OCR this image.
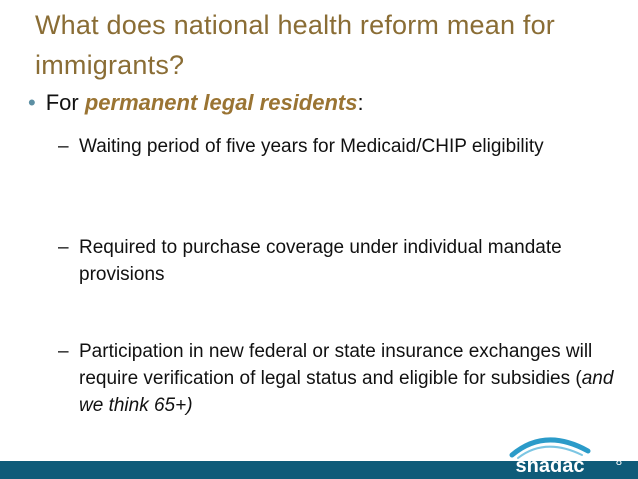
What does national health reform mean for immigrants?
• For permanent legal residents:
– Waiting period of five years for Medicaid/CHIP eligibility
– Required to purchase coverage under individual mandate provisions
– Participation in new federal or state insurance exchanges will require verification of legal status and eligible for subsidies (and we think 65+)
shadac	8
